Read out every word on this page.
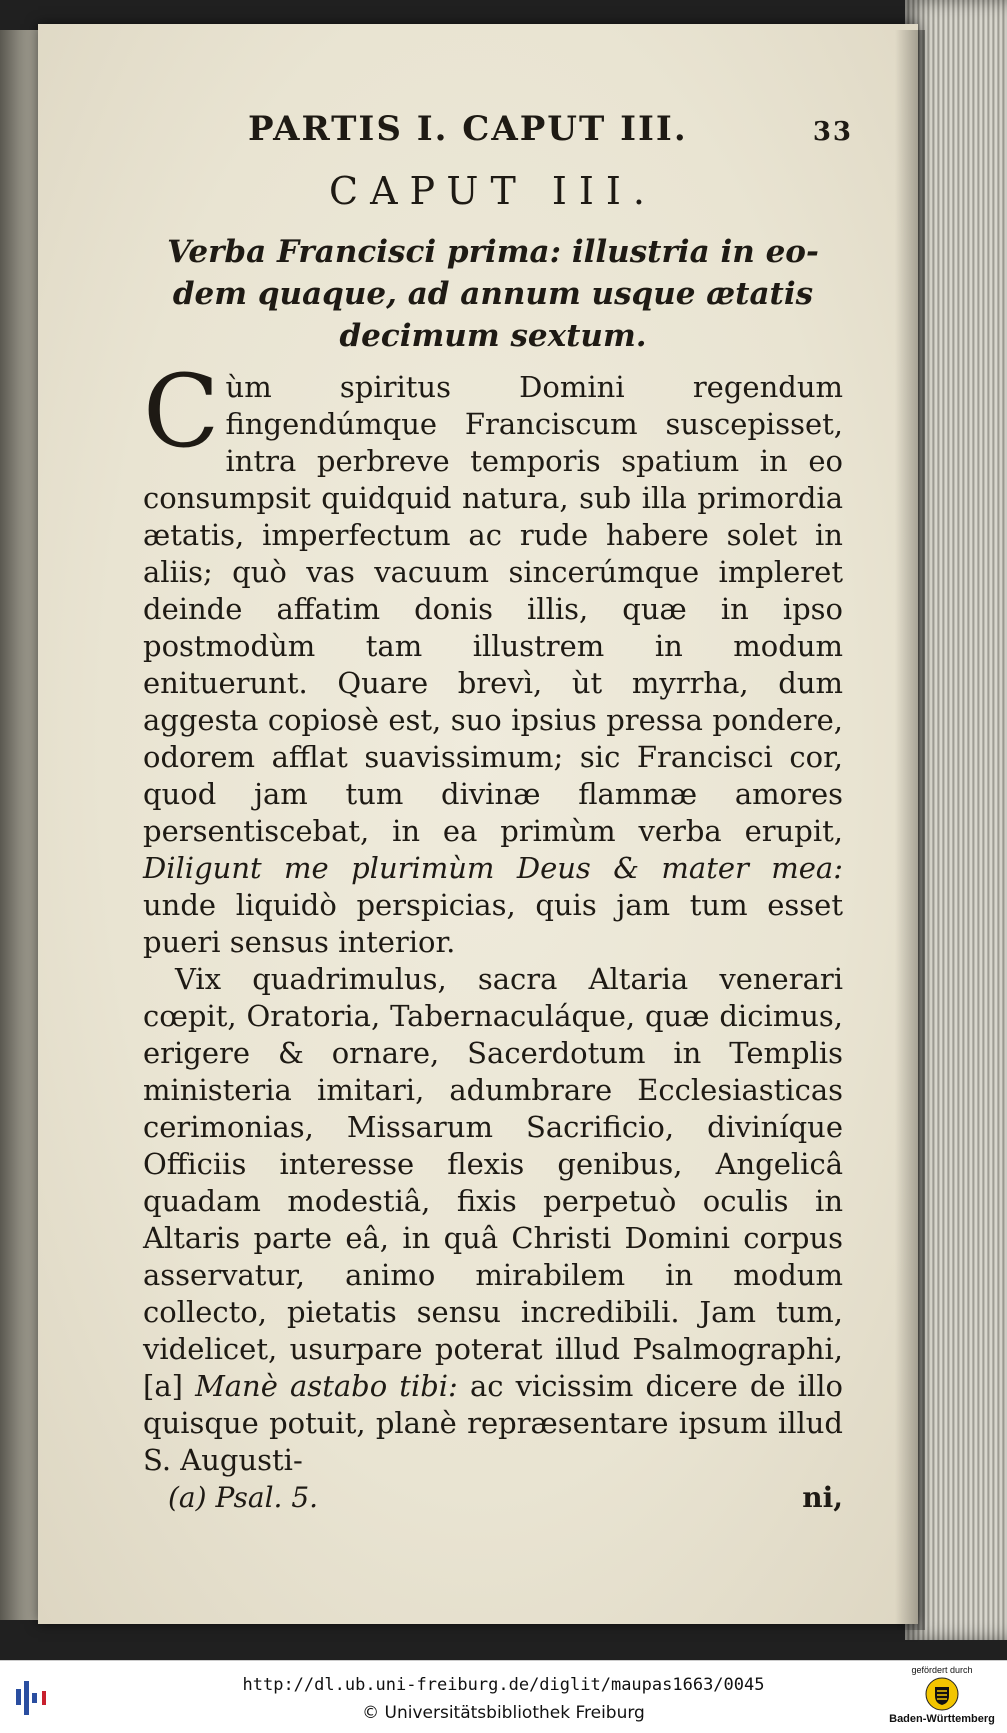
PARTIS I. CAPUT III.	33
CAPUT III.
Verba Francisci prima: illustria in eo-
dem quaque, ad annum usque ætatis
decimum sextum.

C ùm spiritus Domini regendum fingendúmque Franciscum suscepisset, intra perbreve temporis spatium in eo consumpsit quidquid natura, sub illa primordia ætatis, imperfectum ac rude habere solet in aliis; quò vas vacuum sincerúmque impleret deinde affatim donis illis, quæ in ipso postmodùm tam illustrem in modum enituerunt. Quare brevì, ùt myrrha, dum aggesta copiosè est, suo ipsius pressa pondere, odorem afflat suavissimum; sic Francisci cor, quod jam tum divinæ flammæ amores persentiscebat, in ea primùm verba erupit, Diligunt me plurimùm Deus & mater mea: unde liquidò perspicias, quis jam tum esset pueri sensus interior.

Vix quadrimulus, sacra Altaria venerari cœpit, Oratoria, Tabernaculáque, quæ dicimus, erigere & ornare, Sacerdotum in Templis ministeria imitari, adumbrare Ecclesiasticas cerimonias, Missarum Sacrificio, diviníque Officiis interesse flexis genibus, Angelicâ quadam modestiâ, fixis perpetuò oculis in Altaris parte eâ, in quâ Christi Domini corpus asservatur, animo mirabilem in modum collecto, pietatis sensu incredibili. Jam tum, videlicet, usurpare poterat illud Psalmographi, [a] Manè astabo tibi: ac vicissim dicere de illo quisque potuit, planè repræsentare ipsum illud S. Augusti-

(a) Psal. 5.	ni,
http://dl.ub.uni-freiburg.de/diglit/maupas1663/0045
© Universitätsbibliothek Freiburg
gefördert durch
Baden-Württemberg
